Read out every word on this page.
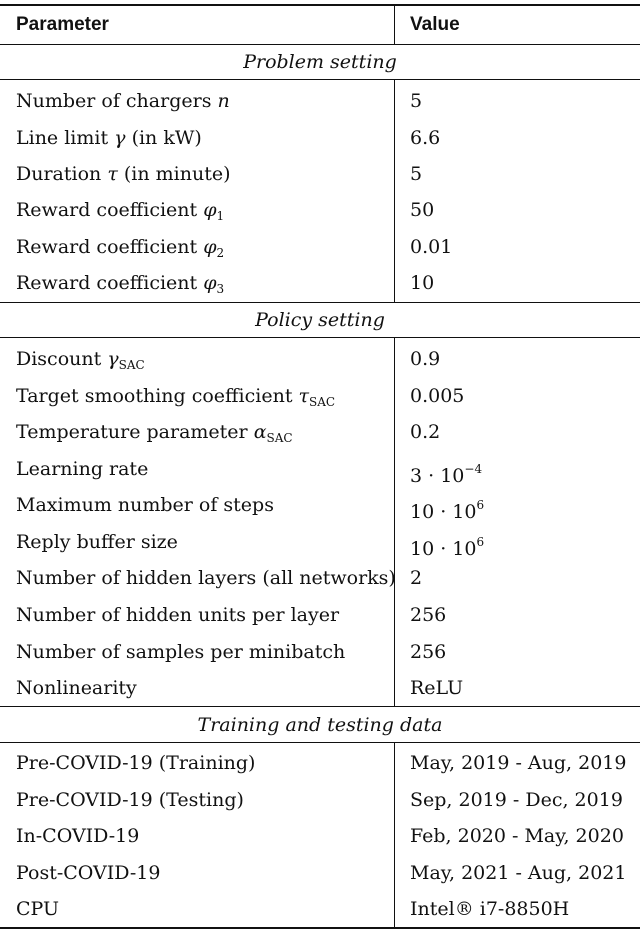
Parameter	Value
Problem setting
Number of chargers n	5
Line limit γ (in kW)	6.6
Duration τ (in minute)	5
Reward coefficient $\varphi_1$	50
Reward coefficient $\varphi_2$	0.01
Reward coefficient $\varphi_3$	10
Policy setting
Discount $\gamma_{SAC}$	0.9
Target smoothing coefficient $\tau_{SAC}$	0.005
Temperature parameter $\alpha_{SAC}$	0.2
Learning rate	$3 \cdot 10^{-4}$
Maximum number of steps	$10 \cdot 10^6$
Reply buffer size	$10 \cdot 10^6$
Number of hidden layers (all networks) 2
Number of hidden units per layer	256
Number of samples per minibatch	256
Nonlinearity	ReLU
Training and testing data
Pre-COVID-19 (Training)	May, 2019 - Aug, 2019
Pre-COVID-19 (Testing)	Sep, 2019 - Dec, 2019
In-COVID-19	Feb, 2020 - May, 2020
Post-COVID-19	May, 2021 - Aug, 2021
CPU	Intel® i7-8850H
